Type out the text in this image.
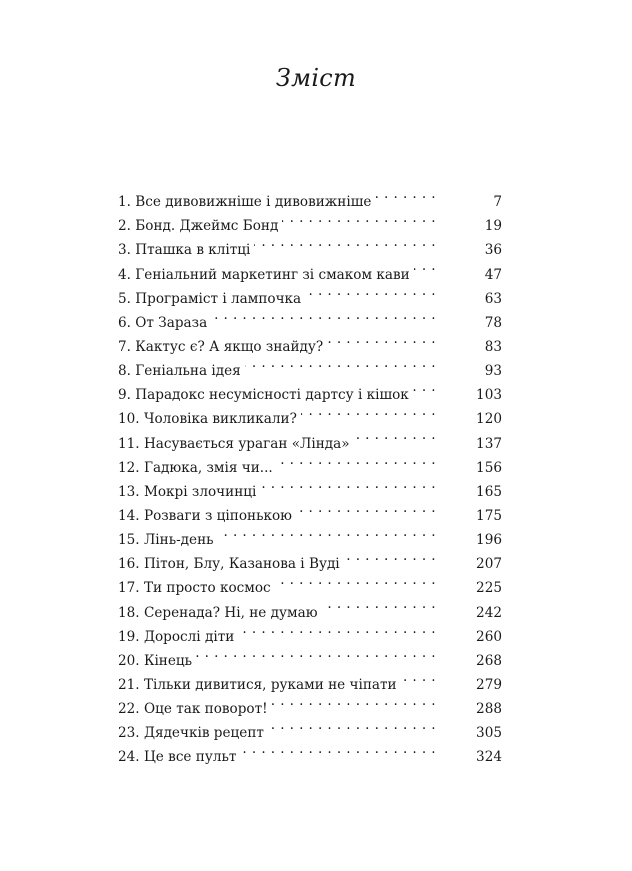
Зміст
1. Все дивовижніше і дивовижніше . . .	7
2. Бонд. Джеймс Бонд . . .	19
3. Пташка в клітці . . .	36
4. Геніальний маркетинг зі смаком кави . . .	47
5. Програміст і лампочка . . .	63
6. От Зараза . . .	78
7. Кактус є? А якщо знайду? . . .	83
8. Геніальна ідея . . .	93
9. Парадокс несумісності дартсу і кішок . . .	103
10. Чоловіка викликали? . . .	120
11. Насувається ураган «Лінда» . . .	137
12. Гадюка, змія чи... . . .	156
13. Мокрі злочинці . . .	165
14. Розваги з ціпонькою . . .	175
15. Лінь-день . . .	196
16. Пітон, Блу, Казанова і Вуді . . .	207
17. Ти просто космос . . .	225
18. Серенада? Ні, не думаю . . .	242
19. Дорослі діти . . .	260
20. Кінець . . .	268
21. Тільки дивитися, руками не чіпати . . .	279
22. Оце так поворот! . . .	288
23. Дядечків рецепт . . .	305
24. Це все пульт . . .	324
